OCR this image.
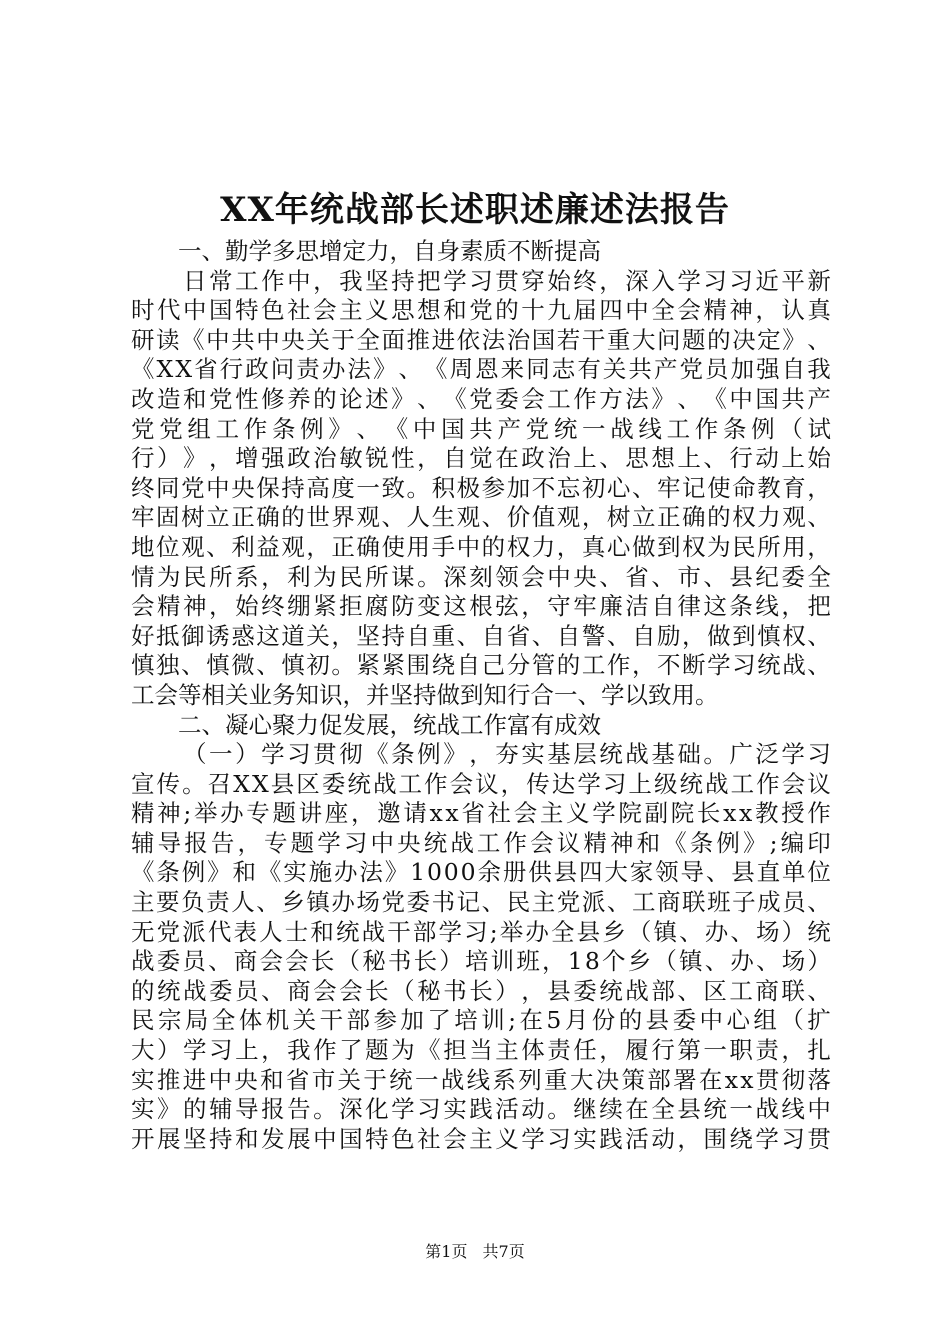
XX年统战部长述职述廉述法报告
　　一、勤学多思增定力，自身素质不断提高

日 常 工 作 中 ， 我 坚 持 把 学 习 贯 穿 始 终 ， 深 入 学 习 习 近 平 新
时 代 中 国 特 色 社 会 主 义 思 想 和 党 的 十 九 届 四 中 全 会 精 神 ， 认 真
研 读 《 中 共 中 央 关 于 全 面 推 进 依 法 治 国 若 干 重 大 问 题 的 决 定 》 、
《 X X 省 行 政 问 责 办 法 》 、 《 周 恩 来 同 志 有 关 共 产 党 员 加 强 自 我
改 造 和 党 性 修 养 的 论 述 》 、 《 党 委 会 工 作 方 法 》 、 《 中 国 共 产
党 党 组 工 作 条 例 》 、 《 中 国 共 产 党 统 一 战 线 工 作 条 例 （ 试
行 ） 》 ， 增 强 政 治 敏 锐 性 ， 自 觉 在 政 治 上 、 思 想 上 、 行 动 上 始
终 同 党 中 央 保 持 高 度 一 致 。 积 极 参 加 不 忘 初 心 、 牢 记 使 命 教 育 ，
牢 固 树 立 正 确 的 世 界 观 、 人 生 观 、 价 值 观 ， 树 立 正 确 的 权 力 观 、
地 位 观 、 利 益 观 ， 正 确 使 用 手 中 的 权 力 ， 真 心 做 到 权 为 民 所 用 ，
情 为 民 所 系 ， 利 为 民 所 谋 。 深 刻 领 会 中 央 、 省 、 市 、 县 纪 委 全
会 精 神 ， 始 终 绷 紧 拒 腐 防 变 这 根 弦 ， 守 牢 廉 洁 自 律 这 条 线 ， 把
好 抵 御 诱 惑 这 道 关 ， 坚 持 自 重 、 自 省 、 自 警 、 自 励 ， 做 到 慎 权 、
慎 独 、 慎 微 、 慎 初 。 紧 紧 围 绕 自 己 分 管 的 工 作 ， 不 断 学 习 统 战 、
工会等相关业务知识，并坚持做到知行合一、学以致用。
　　二、凝心聚力促发展，统战工作富有成效

（ 一 ） 学 习 贯 彻 《 条 例 》 ， 夯 实 基 层 统 战 基 础 。 广 泛 学 习
宣 传 。 召 X X 县 区 委 统 战 工 作 会 议 ， 传 达 学 习 上 级 统 战 工 作 会 议
精 神 ; 举 办 专 题 讲 座 ， 邀 请 x x 省 社 会 主 义 学 院 副 院 长 x x 教 授 作
辅 导 报 告 ， 专 题 学 习 中 央 统 战 工 作 会 议 精 神 和 《 条 例 》 ; 编 印
《 条 例 》 和 《 实 施 办 法 》 1 0 0 0 余 册 供 县 四 大 家 领 导 、 县 直 单 位
主 要 负 责 人 、 乡 镇 办 场 党 委 书 记 、 民 主 党 派 、 工 商 联 班 子 成 员 、
无 党 派 代 表 人 士 和 统 战 干 部 学 习 ; 举 办 全 县 乡 （ 镇 、 办 、 场 ） 统
战 委 员 、 商 会 会 长 （ 秘 书 长 ） 培 训 班 ， 1 8 个 乡 （ 镇 、 办 、 场 ）
的 统 战 委 员 、 商 会 会 长 （ 秘 书 长 ） ， 县 委 统 战 部 、 区 工 商 联 、
民 宗 局 全 体 机 关 干 部 参 加 了 培 训 ; 在 5 月 份 的 县 委 中 心 组 （ 扩
大 ） 学 习 上 ， 我 作 了 题 为 《 担 当 主 体 责 任 ， 履 行 第 一 职 责 ， 扎
实 推 进 中 央 和 省 市 关 于 统 一 战 线 系 列 重 大 决 策 部 署 在 x x 贯 彻 落
实 》 的 辅 导 报 告 。 深 化 学 习 实 践 活 动 。 继 续 在 全 县 统 一 战 线 中
开 展 坚 持 和 发 展 中 国 特 色 社 会 主 义 学 习 实 践 活 动 ， 围 绕 学 习 贯
第1页 共7页
